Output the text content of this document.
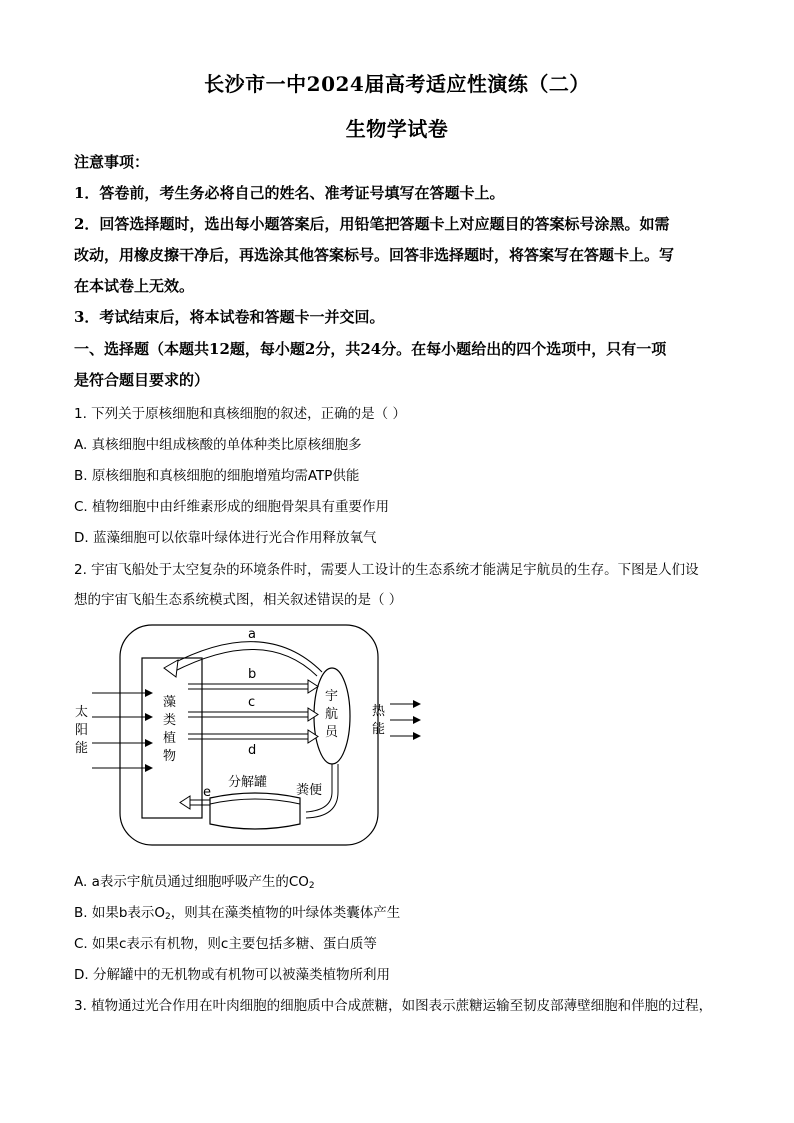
长沙市一中2024届高考适应性演练（二）
生物学试卷
注意事项：
1．答卷前，考生务必将自己的姓名、准考证号填写在答题卡上。
2．回答选择题时，选出每小题答案后，用铅笔把答题卡上对应题目的答案标号涂黑。如需
改动，用橡皮擦干净后，再选涂其他答案标号。回答非选择题时，将答案写在答题卡上。写
在本试卷上无效。
3．考试结束后，将本试卷和答题卡一并交回。
一、选择题（本题共12题，每小题2分，共24分。在每小题给出的四个选项中，只有一项
是符合题目要求的）
1. 下列关于原核细胞和真核细胞的叙述，正确的是（ ）
A. 真核细胞中组成核酸的单体种类比原核细胞多
B. 原核细胞和真核细胞的细胞增殖均需ATP供能
C. 植物细胞中由纤维素形成的细胞骨架具有重要作用
D. 蓝藻细胞可以依靠叶绿体进行光合作用释放氧气
2. 宇宙飞船处于太空复杂的环境条件时，需要人工设计的生态系统才能满足宇航员的生存。下图是人们设
想的宇宙飞船生态系统模式图，相关叙述错误的是（ ）
a
b
c
d
藻
类
植
物
宇
航
员
太
阳
能
热
能
粪便
分解罐
e
A. a表示宇航员通过细胞呼吸产生的$CO_2$
B. 如果b表示$O_2$，则其在藻类植物的叶绿体类囊体产生
C. 如果c表示有机物，则c主要包括多糖、蛋白质等
D. 分解罐中的无机物或有机物可以被藻类植物所利用
3. 植物通过光合作用在叶肉细胞的细胞质中合成蔗糖，如图表示蔗糖运输至韧皮部薄壁细胞和伴胞的过程，
